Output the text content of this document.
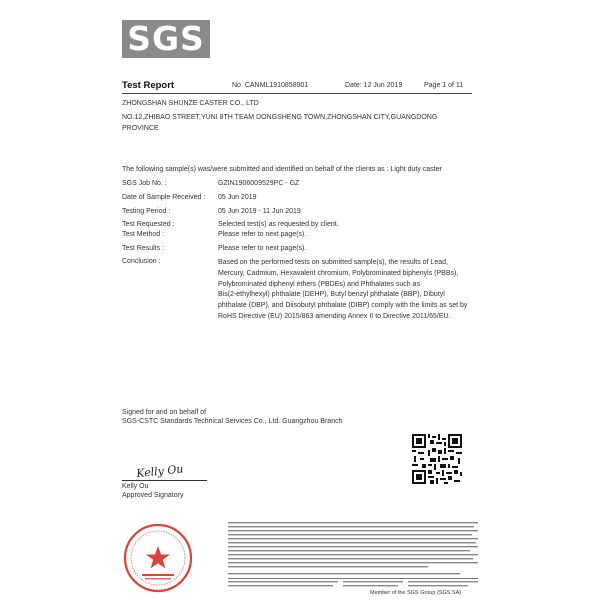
SGS
Test Report	No. CANML1910858901	Date: 12 Jun 2019	Page 1 of 11
ZHONGSHAN SHUNZE CASTER CO., LTD
NO.12,ZHIBAO STREET,YUNI 8TH TEAM DONGSHENG TOWN,ZHONGSHAN CITY,GUANGDONG
PROVINCE
The following sample(s) was/were submitted and identified on behalf of the clients as : Light duty caster
SGS Job No. :	GZIN1906009529PC - GZ
Date of Sample Received : 05 Jun 2019
Testing Period :	05 Jun 2019 - 11 Jun 2019
Test Requested :	Selected test(s) as requested by client.
Test Method :	Please refer to next page(s).
Test Results :	Please refer to next page(s).
Conclusion :	Based on the performed tests on submitted sample(s), the results of Lead,
Mercury, Cadmium, Hexavalent chromium, Polybrominated biphenyls (PBBs),
Polybrominated diphenyl ethers (PBDEs) and Phthalates such as
Bis(2-ethylhexyl) phthalate (DEHP), Butyl benzyl phthalate (BBP), Dibutyl
phthalate (DBP), and Diisobutyl phthalate (DIBP) comply with the limits as set by
RoHS Directive (EU) 2015/863 amending Annex II to Directive 2011/65/EU.
Signed for and on behalf of
SGS-CSTC Standards Technical Services Co., Ltd. Guangzhou Branch
Kelly Ou
Kelly Ou
Approved Signatory
Member of the SGS Group (SGS SA)
